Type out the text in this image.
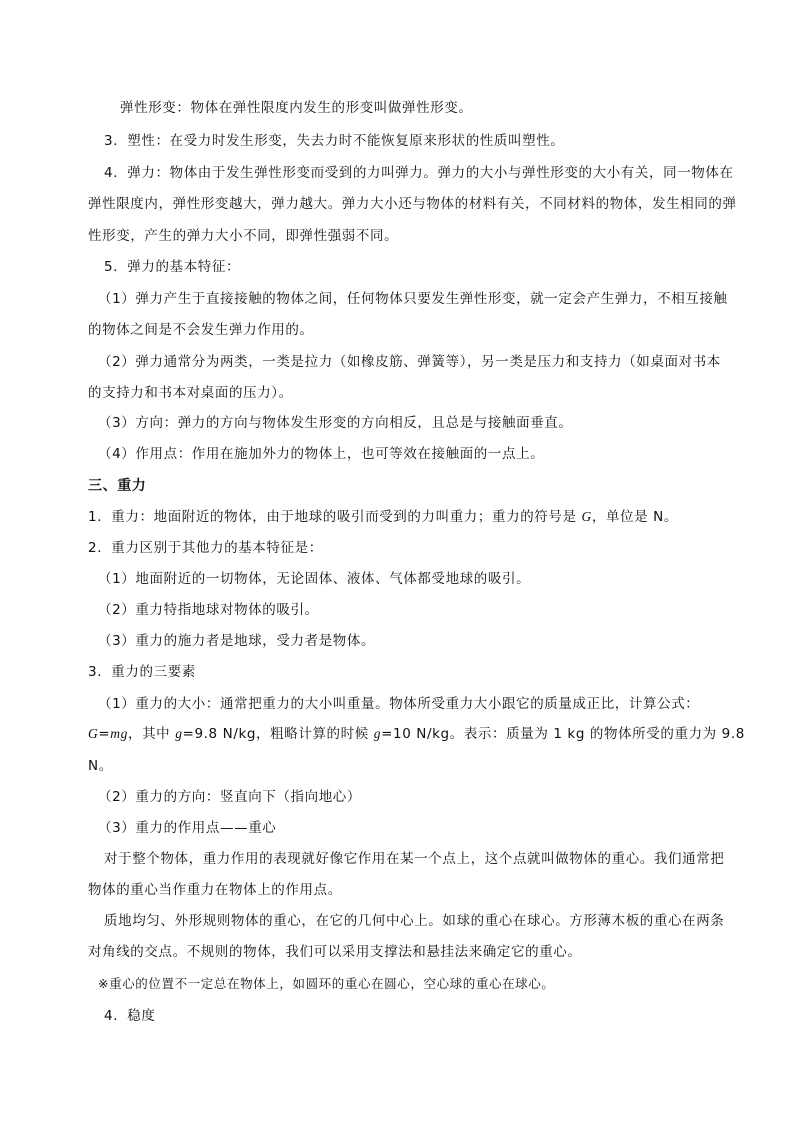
弹性形变：物体在弹性限度内发生的形变叫做弹性形变。
3．塑性：在受力时发生形变，失去力时不能恢复原来形状的性质叫塑性。
4．弹力：物体由于发生弹性形变而受到的力叫弹力。弹力的大小与弹性形变的大小有关，同一物体在
弹性限度内，弹性形变越大，弹力越大。弹力大小还与物体的材料有关，不同材料的物体，发生相同的弹
性形变，产生的弹力大小不同，即弹性强弱不同。
5．弹力的基本特征：
（1）弹力产生于直接接触的物体之间，任何物体只要发生弹性形变，就一定会产生弹力，不相互接触
的物体之间是不会发生弹力作用的。
（2）弹力通常分为两类，一类是拉力（如橡皮筋、弹簧等），另一类是压力和支持力（如桌面对书本
的支持力和书本对桌面的压力）。
（3）方向：弹力的方向与物体发生形变的方向相反，且总是与接触面垂直。
（4）作用点：作用在施加外力的物体上，也可等效在接触面的一点上。
三、重力
1．重力：地面附近的物体，由于地球的吸引而受到的力叫重力；重力的符号是 G，单位是 N。
2．重力区别于其他力的基本特征是：
（1）地面附近的一切物体，无论固体、液体、气体都受地球的吸引。
（2）重力特指地球对物体的吸引。
（3）重力的施力者是地球，受力者是物体。
3．重力的三要素
（1）重力的大小：通常把重力的大小叫重量。物体所受重力大小跟它的质量成正比，计算公式：
G=mg，其中 g=9.8 N/kg，粗略计算的时候 g=10 N/kg。表示：质量为 1 kg 的物体所受的重力为 9.8
N。
（2）重力的方向：竖直向下（指向地心）
（3）重力的作用点——重心
对于整个物体，重力作用的表现就好像它作用在某一个点上，这个点就叫做物体的重心。我们通常把
物体的重心当作重力在物体上的作用点。
质地均匀、外形规则物体的重心，在它的几何中心上。如球的重心在球心。方形薄木板的重心在两条
对角线的交点。不规则的物体，我们可以采用支撑法和悬挂法来确定它的重心。
※重心的位置不一定总在物体上，如圆环的重心在圆心，空心球的重心在球心。
4．稳度
